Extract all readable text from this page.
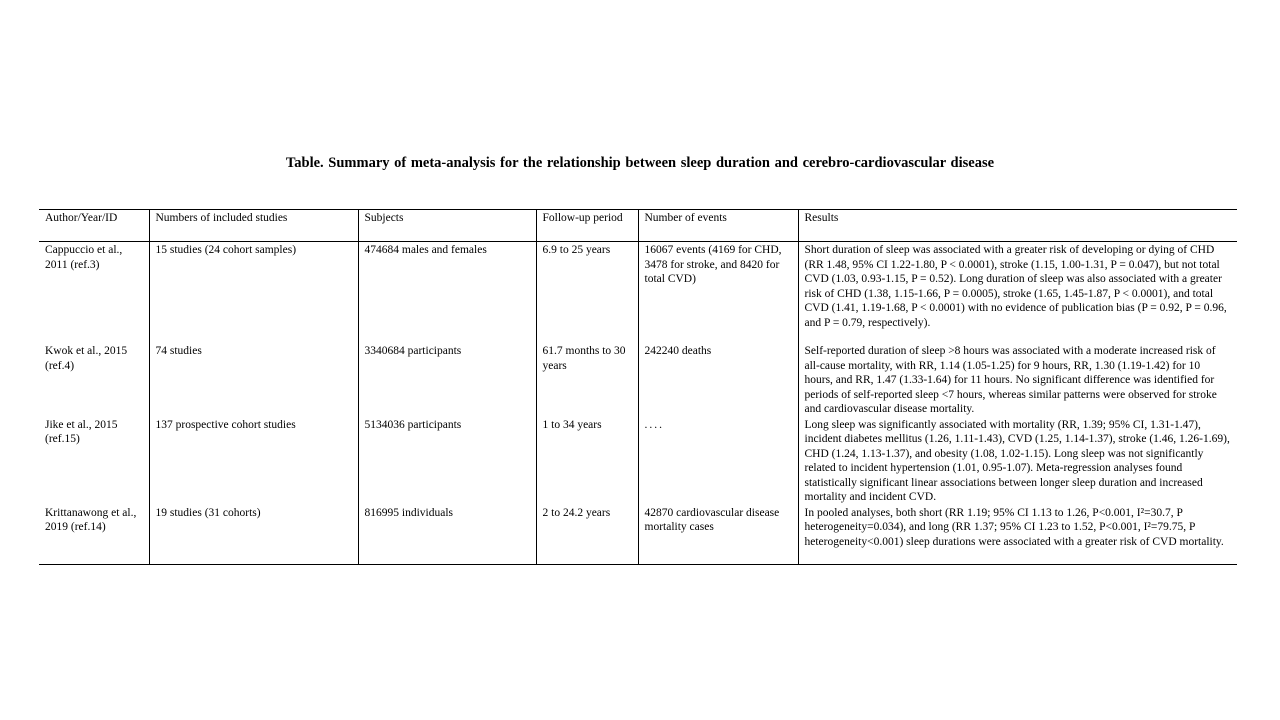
Table. Summary of meta-analysis for the relationship between sleep duration and cerebro-cardiovascular disease
Author/Year/ID	Numbers of included studies	Subjects	Follow-up period	Number of events	Results
Cappuccio et al., 2011 (ref.3)	15 studies (24 cohort samples)	474684 males and females	6.9 to 25 years	16067 events (4169 for CHD, 3478 for stroke, and 8420 for total CVD)	Short duration of sleep was associated with a greater risk of developing or dying of CHD (RR 1.48, 95% CI 1.22-1.80, P < 0.0001), stroke (1.15, 1.00-1.31, P = 0.047), but not total CVD (1.03, 0.93-1.15, P = 0.52). Long duration of sleep was also associated with a greater risk of CHD (1.38, 1.15-1.66, P = 0.0005), stroke (1.65, 1.45-1.87, P < 0.0001), and total CVD (1.41, 1.19-1.68, P < 0.0001) with no evidence of publication bias (P = 0.92, P = 0.96, and P = 0.79, respectively).
Kwok et al., 2015 (ref.4)	74 studies	3340684 participants	61.7 months to 30 years	242240 deaths	Self-reported duration of sleep >8 hours was associated with a moderate increased risk of all-cause mortality, with RR, 1.14 (1.05-1.25) for 9 hours, RR, 1.30 (1.19-1.42) for 10 hours, and RR, 1.47 (1.33-1.64) for 11 hours. No significant difference was identified for periods of self-reported sleep <7 hours, whereas similar patterns were observed for stroke and cardiovascular disease mortality.
Jike et al., 2015 (ref.15)	137 prospective cohort studies	5134036 participants	1 to 34 years	....	Long sleep was significantly associated with mortality (RR, 1.39; 95% CI, 1.31-1.47), incident diabetes mellitus (1.26, 1.11-1.43), CVD (1.25, 1.14-1.37), stroke (1.46, 1.26-1.69), CHD (1.24, 1.13-1.37), and obesity (1.08, 1.02-1.15). Long sleep was not significantly related to incident hypertension (1.01, 0.95-1.07). Meta-regression analyses found statistically significant linear associations between longer sleep duration and increased mortality and incident CVD.
Krittanawong et al., 2019 (ref.14)	19 studies (31 cohorts)	816995 individuals	2 to 24.2 years	42870 cardiovascular disease mortality cases	In pooled analyses, both short (RR 1.19; 95% CI 1.13 to 1.26, P<0.001, I²=30.7, P heterogeneity=0.034), and long (RR 1.37; 95% CI 1.23 to 1.52, P<0.001, I²=79.75, P heterogeneity<0.001) sleep durations were associated with a greater risk of CVD mortality.
